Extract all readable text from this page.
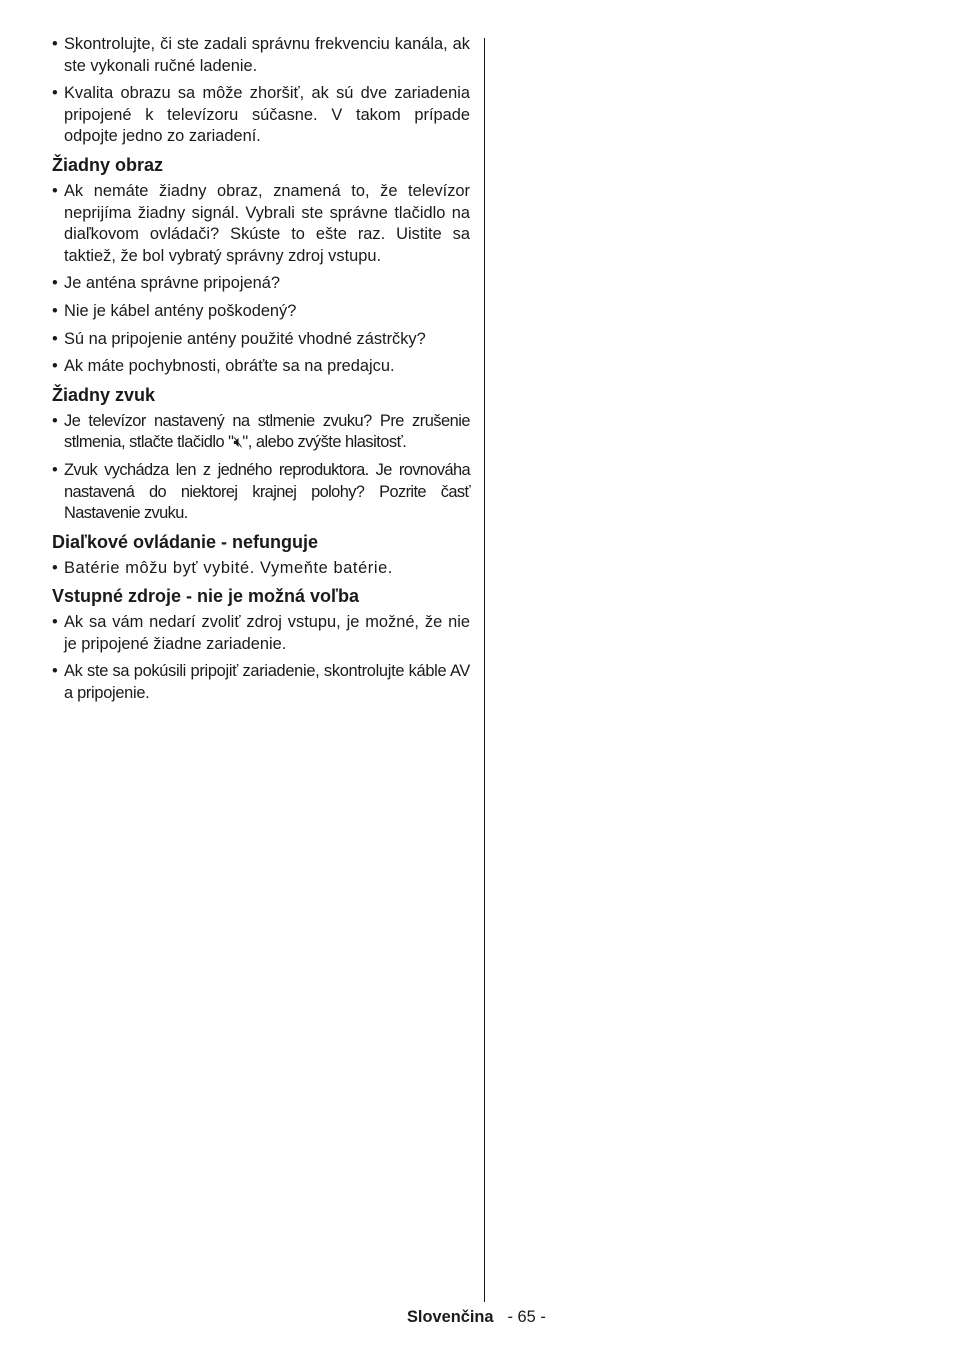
• Skontrolujte, či ste zadali správnu frekvenciu kanála, ak ste vykonali ručné ladenie.

• Kvalita obrazu sa môže zhoršiť, ak sú dve zariadenia pripojené k televízoru súčasne. V takom prípade odpojte jedno zo zariadení.

Žiadny obraz

• Ak nemáte žiadny obraz, znamená to, že televízor neprijíma žiadny signál. Vybrali ste správne tlačidlo na diaľkovom ovládači? Skúste to ešte raz. Uistite sa taktiež, že bol vybratý správny zdroj vstupu.

• Je anténa správne pripojená?

• Nie je kábel antény poškodený?

• Sú na pripojenie antény použité vhodné zástrčky?

• Ak máte pochybnosti, obráťte sa na predajcu.

Žiadny zvuk

• Je televízor nastavený na stlmenie zvuku? Pre zrušenie stlmenia, stlačte tlačidlo "🔇︎", alebo zvýšte hlasitosť.

• Zvuk vychádza len z jedného reproduktora. Je rovnováha nastavená do niektorej krajnej polohy? Pozrite časť Nastavenie zvuku.

Diaľkové ovládanie - nefunguje

• Batérie môžu byť vybité. Vymeňte batérie.

Vstupné zdroje - nie je možná voľba

• Ak sa vám nedarí zvoliť zdroj vstupu, je možné, že nie je pripojené žiadne zariadenie.

• Ak ste sa pokúsili pripojiť zariadenie, skontrolujte káble AV a pripojenie.

Slovenčina - 65 -
